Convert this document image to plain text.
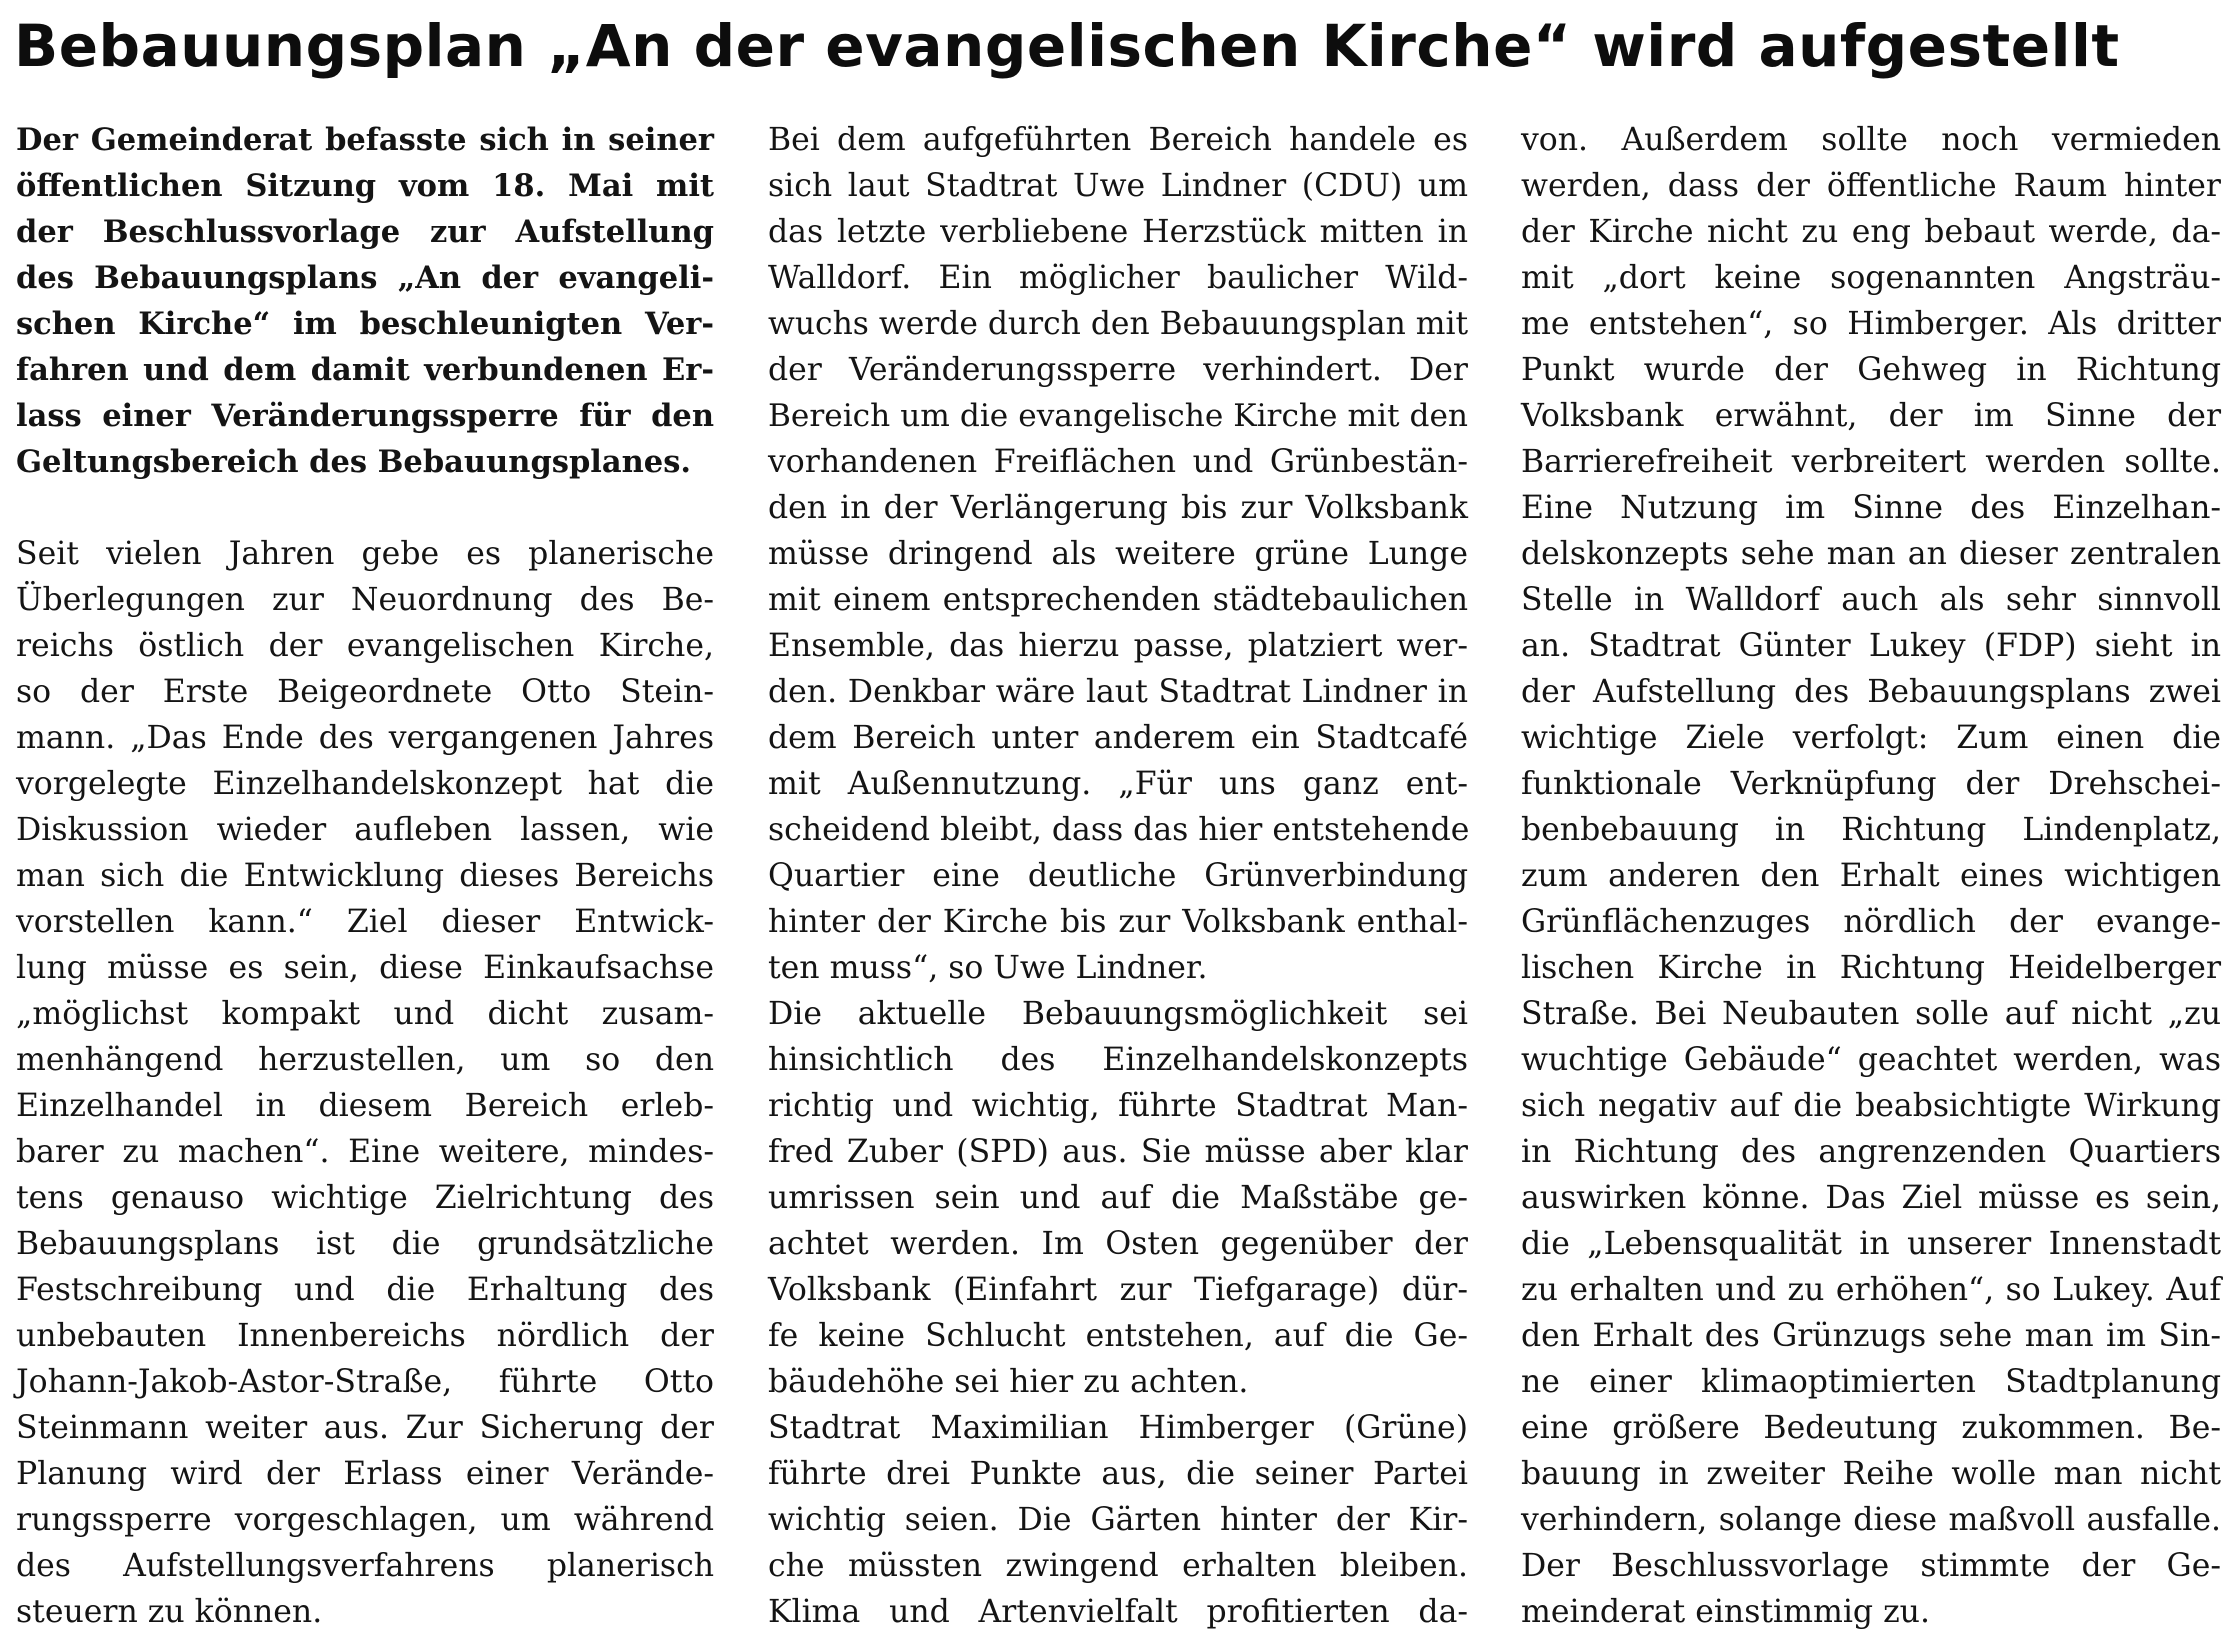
Bebauungsplan „An der evangelischen Kirche“ wird aufgestellt
Der Gemeinderat befasste sich in seiner
öffentlichen Sitzung vom 18. Mai mit
der Beschlussvorlage zur Aufstellung
des Bebauungsplans „An der evangeli-
schen Kirche“ im beschleunigten Ver-
fahren und dem damit verbundenen Er-
lass einer Veränderungssperre für den
Geltungsbereich des Bebauungsplanes.
Seit vielen Jahren gebe es planerische
Überlegungen zur Neuordnung des Be-
reichs östlich der evangelischen Kirche,
so der Erste Beigeordnete Otto Stein-
mann. „Das Ende des vergangenen Jahres
vorgelegte Einzelhandelskonzept hat die
Diskussion wieder aufleben lassen, wie
man sich die Entwicklung dieses Bereichs
vorstellen kann.“ Ziel dieser Entwick-
lung müsse es sein, diese Einkaufsachse
„möglichst kompakt und dicht zusam-
menhängend herzustellen, um so den
Einzelhandel in diesem Bereich erleb-
barer zu machen“. Eine weitere, mindes-
tens genauso wichtige Zielrichtung des
Bebauungsplans ist die grundsätzliche
Festschreibung und die Erhaltung des
unbebauten Innenbereichs nördlich der
Johann-Jakob-Astor-Straße, führte Otto
Steinmann weiter aus. Zur Sicherung der
Planung wird der Erlass einer Verände-
rungssperre vorgeschlagen, um während
des Aufstellungsverfahrens planerisch
steuern zu können.
Bei dem aufgeführten Bereich handele es
sich laut Stadtrat Uwe Lindner (CDU) um
das letzte verbliebene Herzstück mitten in
Walldorf. Ein möglicher baulicher Wild-
wuchs werde durch den Bebauungsplan mit
der Veränderungssperre verhindert. Der
Bereich um die evangelische Kirche mit den
vorhandenen Freiflächen und Grünbestän-
den in der Verlängerung bis zur Volksbank
müsse dringend als weitere grüne Lunge
mit einem entsprechenden städtebaulichen
Ensemble, das hierzu passe, platziert wer-
den. Denkbar wäre laut Stadtrat Lindner in
dem Bereich unter anderem ein Stadtcafé
mit Außennutzung. „Für uns ganz ent-
scheidend bleibt, dass das hier entstehende
Quartier eine deutliche Grünverbindung
hinter der Kirche bis zur Volksbank enthal-
ten muss“, so Uwe Lindner.
Die aktuelle Bebauungsmöglichkeit sei
hinsichtlich des Einzelhandelskonzepts
richtig und wichtig, führte Stadtrat Man-
fred Zuber (SPD) aus. Sie müsse aber klar
umrissen sein und auf die Maßstäbe ge-
achtet werden. Im Osten gegenüber der
Volksbank (Einfahrt zur Tiefgarage) dür-
fe keine Schlucht entstehen, auf die Ge-
bäudehöhe sei hier zu achten.
Stadtrat Maximilian Himberger (Grüne)
führte drei Punkte aus, die seiner Partei
wichtig seien. Die Gärten hinter der Kir-
che müssten zwingend erhalten bleiben.
Klima und Artenvielfalt profitierten da-
von. Außerdem sollte noch vermieden
werden, dass der öffentliche Raum hinter
der Kirche nicht zu eng bebaut werde, da-
mit „dort keine sogenannten Angsträu-
me entstehen“, so Himberger. Als dritter
Punkt wurde der Gehweg in Richtung
Volksbank erwähnt, der im Sinne der
Barrierefreiheit verbreitert werden sollte.
Eine Nutzung im Sinne des Einzelhan-
delskonzepts sehe man an dieser zentralen
Stelle in Walldorf auch als sehr sinnvoll
an. Stadtrat Günter Lukey (FDP) sieht in
der Aufstellung des Bebauungsplans zwei
wichtige Ziele verfolgt: Zum einen die
funktionale Verknüpfung der Drehschei-
benbebauung in Richtung Lindenplatz,
zum anderen den Erhalt eines wichtigen
Grünflächenzuges nördlich der evange-
lischen Kirche in Richtung Heidelberger
Straße. Bei Neubauten solle auf nicht „zu
wuchtige Gebäude“ geachtet werden, was
sich negativ auf die beabsichtigte Wirkung
in Richtung des angrenzenden Quartiers
auswirken könne. Das Ziel müsse es sein,
die „Lebensqualität in unserer Innenstadt
zu erhalten und zu erhöhen“, so Lukey. Auf
den Erhalt des Grünzugs sehe man im Sin-
ne einer klimaoptimierten Stadtplanung
eine größere Bedeutung zukommen. Be-
bauung in zweiter Reihe wolle man nicht
verhindern, solange diese maßvoll ausfalle.
Der Beschlussvorlage stimmte der Ge-
meinderat einstimmig zu.
